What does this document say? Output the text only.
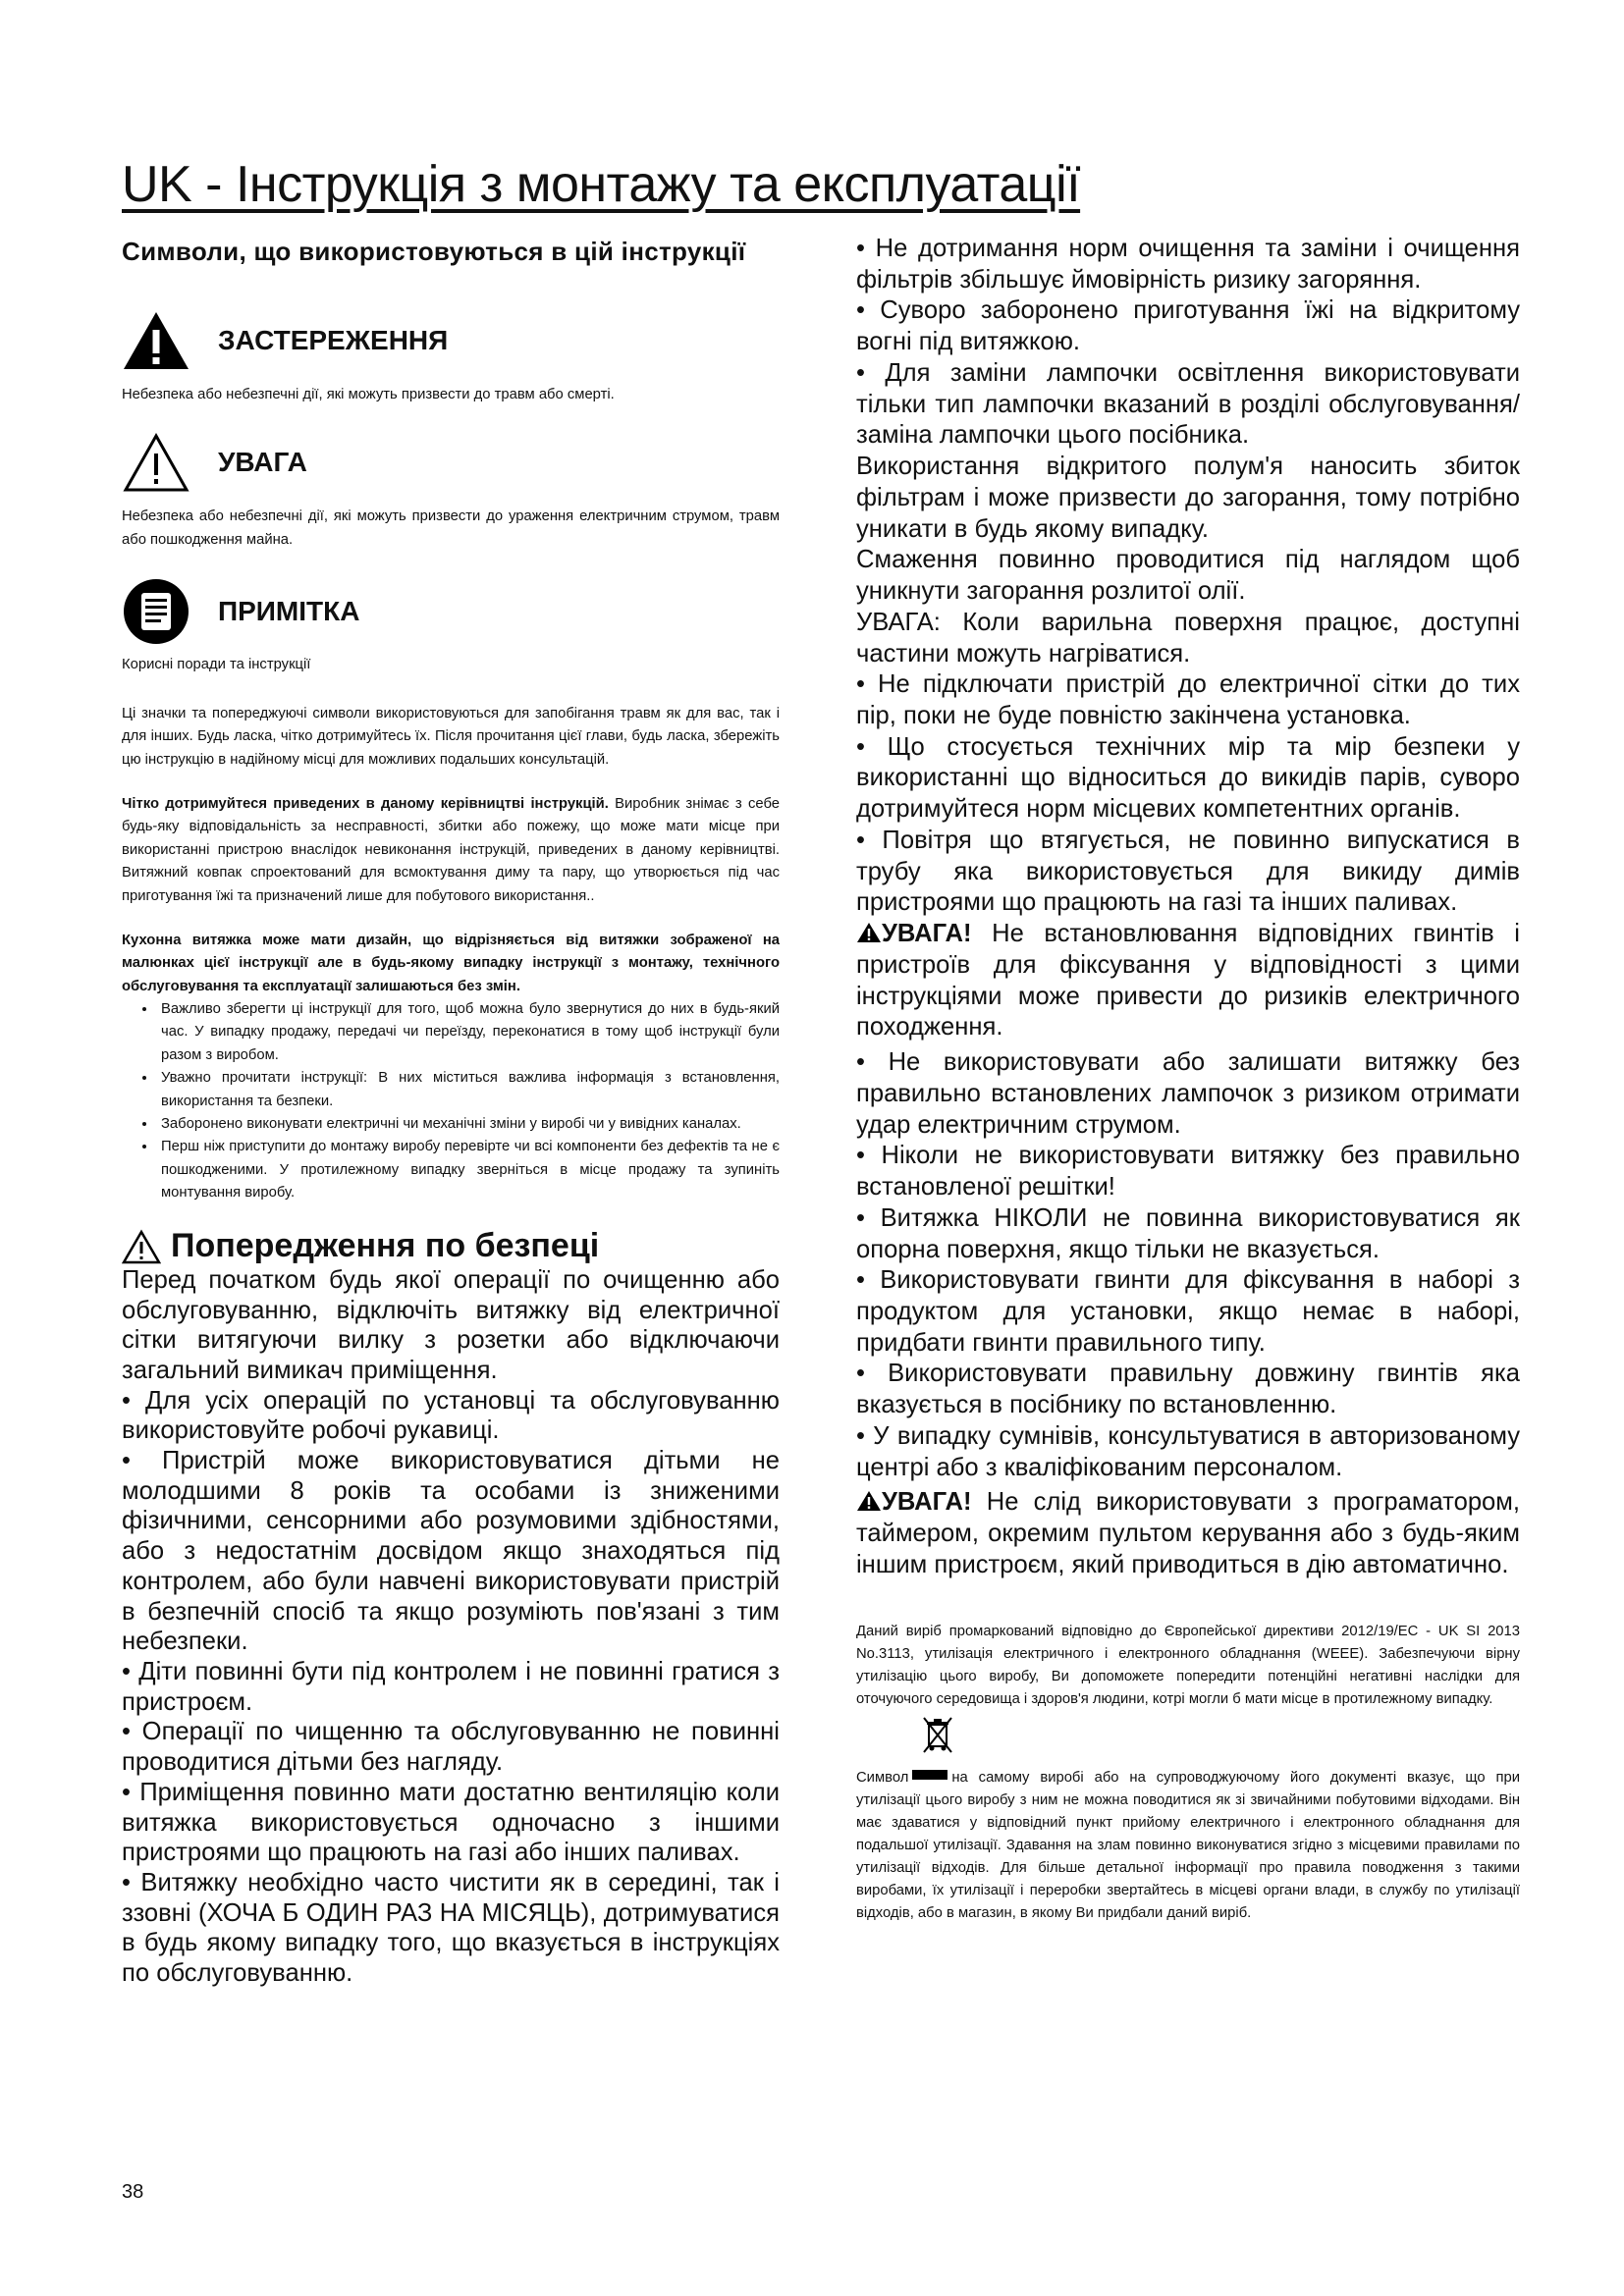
UK - Інструкція з монтажу та експлуатації
Символи, що використовуються в цій інструкції
ЗАСТЕРЕЖЕННЯ
Небезпека або небезпечні дії, які можуть призвести до травм або смерті.
УВАГА
Небезпека або небезпечні дії, які можуть призвести до ураження електричним струмом, травм або пошкодження майна.
ПРИМІТКА
Корисні поради та інструкції

Ці значки та попереджуючі символи використовуються для запобігання травм як для вас, так і для інших. Будь ласка, чітко дотримуйтесь їх. Після прочитання цієї глави, будь ласка, збережіть цю інструкцію в надійному місці для можливих подальших консультацій.

Чітко дотримуйтеся приведених в даному керівництві інструкцій. Виробник знімає з себе будь-яку відповідальність за несправності, збитки або пожежу, що може мати місце при використанні пристрою внаслідок невиконання інструкцій, приведених в даному керівництві. Витяжний ковпак спроектований для всмоктування диму та пару, що утворюється під час приготування їжі та призначений лише для побутового використання..

Кухонна витяжка може мати дизайн, що відрізняється від витяжки зображеної на малюнках цієї інструкції але в будь-якому випадку інструкції з монтажу, технічного обслуговування та експлуатації залишаються без змін.

• Важливо зберегти ці інструкції для того, щоб можна було звернутися до них в будь-який час. У випадку продажу, передачі чи переїзду, переконатися в тому щоб інструкції були разом з виробом.
• Уважно прочитати інструкції: В них міститься важлива інформація з встановлення, використання та безпеки.
• Заборонено виконувати електричні чи механічні зміни у виробі чи у вивідних каналах.
• Перш ніж приступити до монтажу виробу перевірте чи всі компоненти без дефектів та не є пошкодженими. У протилежному випадку зверніться в місце продажу та зупиніть монтування виробу.
Попередження по безпеці

Перед початком будь якої операції по очищенню або обслуговуванню, відключіть витяжку від електричної сітки витягуючи вилку з розетки або відключаючи загальний вимикач приміщення.

• Для усіх операцій по установці та обслуговуванню використовуйте робочі рукавиці.

• Пристрій може використовуватися дітьми не молодшими 8 років та особами із зниженими фізичними, сенсорними або розумовими здібностями, або з недостатнім досвідом якщо знаходяться під контролем, або були навчені використовувати пристрій в безпечній спосіб та якщо розуміють пов'язані з тим небезпеки.

• Діти повинні бути під контролем і не повинні гратися з пристроєм.

• Операції по чищенню та обслуговуванню не повинні проводитися дітьми без нагляду.

• Приміщення повинно мати достатню вентиляцію коли витяжка використовується одночасно з іншими пристроями що працюють на газі або інших паливах.

• Витяжку необхідно часто чистити як в середині, так і ззовні (ХОЧА Б ОДИН РАЗ НА МІСЯЦЬ), дотримуватися в будь якому випадку того, що вказується в інструкціях по обслуговуванню.

• Не дотримання норм очищення та заміни і очищення фільтрів збільшує ймовірність ризику загоряння.

• Суворо заборонено приготування їжі на відкритому вогні під витяжкою.

• Для заміни лампочки освітлення використовувати тільки тип лампочки вказаний в розділі обслуговування/заміна лампочки цього посібника.

Використання відкритого полум'я наносить збиток фільтрам і може призвести до загорання, тому потрібно уникати в будь якому випадку.

Смаження повинно проводитися під наглядом щоб уникнути загорання розлитої олії.

УВАГА: Коли варильна поверхня працює, доступні частини можуть нагріватися.

• Не підключати пристрій до електричної сітки до тих пір, поки не буде повністю закінчена установка.

• Що стосується технічних мір та мір безпеки у використанні що відноситься до викидів парів, суворо дотримуйтеся норм місцевих компетентних органів.

• Повітря що втягується, не повинно випускатися в трубу яка використовується для викиду димів пристроями що працюють на газі та інших паливах.

УВАГА! Не встановлювання відповідних гвинтів і пристроїв для фіксування у відповідності з цими інструкціями може привести до ризиків електричного походження.

• Не використовувати або залишати витяжку без правильно встановлених лампочок з ризиком отримати удар електричним струмом.

• Ніколи не використовувати витяжку без правильно встановленої решітки!

• Витяжка НІКОЛИ не повинна використовуватися як опорна поверхня, якщо тільки не вказується.

• Використовувати гвинти для фіксування в наборі з продуктом для установки, якщо немає в наборі, придбати гвинти правильного типу.

• Використовувати правильну довжину гвинтів яка вказується в посібнику по встановленню.

• У випадку сумнівів, консультуватися в авторизованому центрі або з кваліфікованим персоналом.

УВАГА! Не слід використовувати з програматором, таймером, окремим пультом керування або з будь-яким іншим пристроєм, який приводиться в дію автоматично.

Даний виріб промаркований відповідно до Європейської директиви 2012/19/EC - UK SI 2013 No.3113, утилізація електричного і електронного обладнання (WEEE). Забезпечуючи вірну утилізацію цього виробу, Ви допоможете попередити потенційні негативні наслідки для оточуючого середовища і здоров'я людини, котрі могли б мати місце в протилежному випадку.

Символ	на самому виробі або на супроводжуючому його документі вказує, що при утилізації цього виробу з ним не можна поводитися як зі звичайними побутовими відходами. Він має здаватися у відповідний пункт прийому електричного і електронного обладнання для подальшої утилізації. Здавання на злам повинно виконуватися згідно з місцевими правилами по утилізації відходів. Для більше детальної інформації про правила поводження з такими виробами, їх утилізації і переробки звертайтесь в місцеві органи влади, в службу по утилізації відходів, або в магазин, в якому Ви придбали даний виріб.

38
